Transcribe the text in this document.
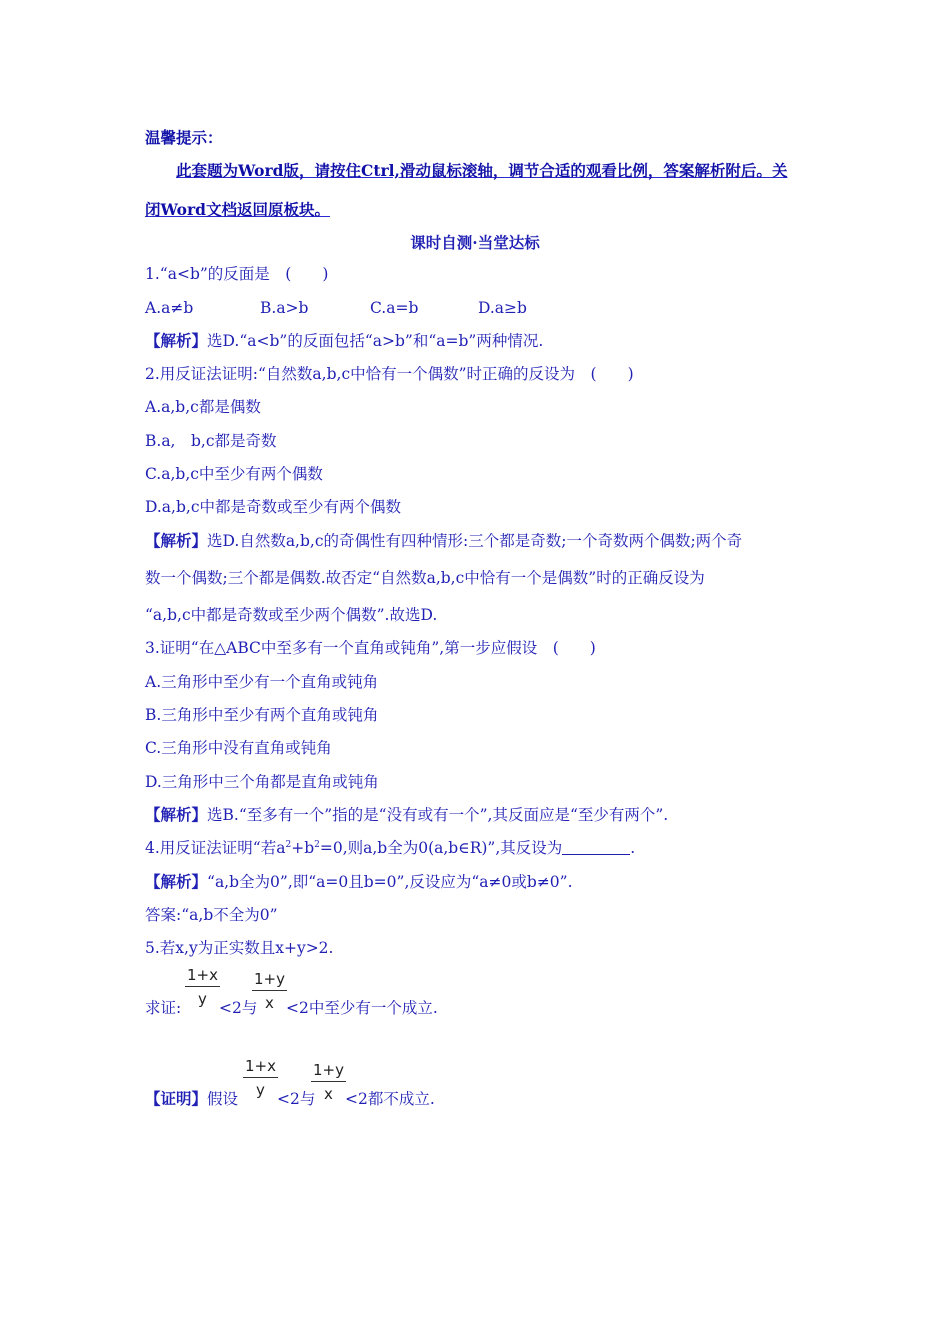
温馨提示：
此套题为Word版，请按住Ctrl,滑动鼠标滚轴，调节合适的观看比例，答案解析附后。关
闭Word文档返回原板块。
课时自测·当堂达标
1.“a<b”的反面是　(　　)
A.a≠b	B.a>b	C.a=b	D.a≥b
【解析】选D.“a<b”的反面包括“a>b”和“a=b”两种情况.
2.用反证法证明:“自然数a,b,c中恰有一个偶数”时正确的反设为　(　　)
A.a,b,c都是偶数
B.a,　b,c都是奇数
C.a,b,c中至少有两个偶数
D.a,b,c中都是奇数或至少有两个偶数
【解析】选D.自然数a,b,c的奇偶性有四种情形:三个都是奇数;一个奇数两个偶数;两个奇
数一个偶数;三个都是偶数.故否定“自然数a,b,c中恰有一个是偶数”时的正确反设为
“a,b,c中都是奇数或至少两个偶数”.故选D.
3.证明“在△ABC中至多有一个直角或钝角”,第一步应假设　(　　)
A.三角形中至少有一个直角或钝角
B.三角形中至少有两个直角或钝角
C.三角形中没有直角或钝角
D.三角形中三个角都是直角或钝角
【解析】选B.“至多有一个”指的是“没有或有一个”,其反面应是“至少有两个”.
4.用反证法证明“若$a^2+b^2=0$,则a,b全为0(a,b∈R)”,其反设为	.
【解析】“a,b全为0”,即“a=0且b=0”,反设应为“a≠0或b≠0”.
答案:“a,b不全为0”
5.若x,y为正实数且x+y>2.
求证: $\frac{1+x}{y} <2$与
$\frac{1+y}{x} <2$中至少有一个成立.
【证明】假设 $\frac{1+x}{y} <2$与
$\frac{1+y}{x} <2$都不成立.
